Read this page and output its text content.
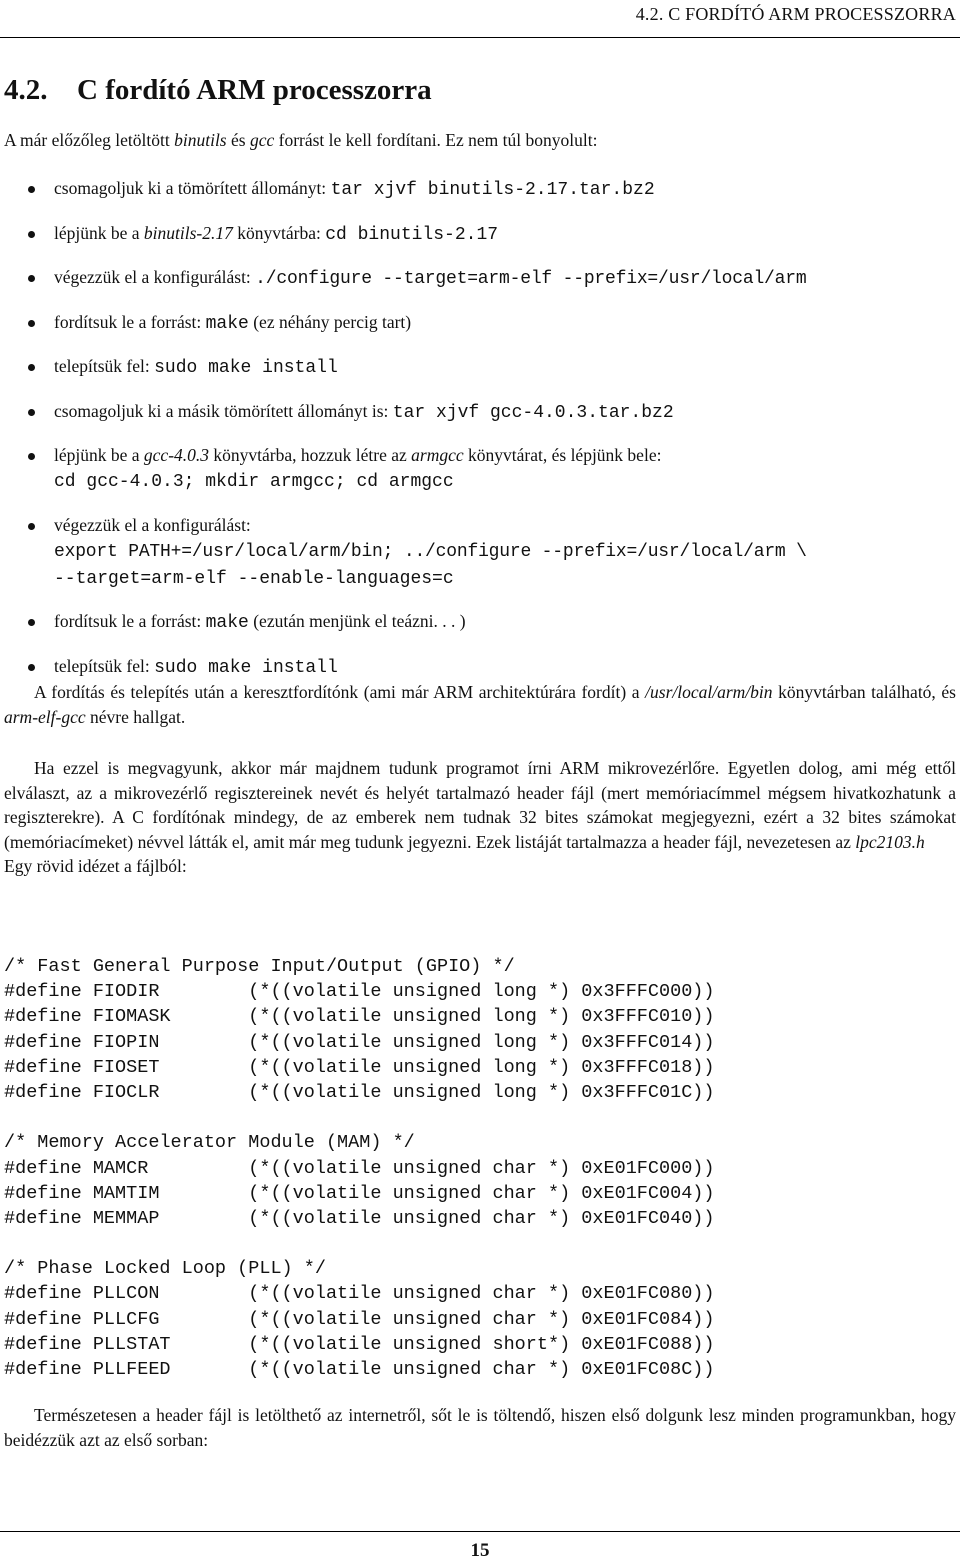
4.2. C FORDÍTÓ ARM PROCESSZORRA
4.2. C fordító ARM processzorra

A már előzőleg letöltött binutils és gcc forrást le kell fordítani. Ez nem túl bonyolult:

csomagoljuk ki a tömörített állományt: tar xjvf binutils-2.17.tar.bz2
lépjünk be a binutils-2.17 könyvtárba: cd binutils-2.17
végezzük el a konfigurálást: ./configure --target=arm-elf --prefix=/usr/local/arm
fordítsuk le a forrást: make (ez néhány percig tart)
telepítsük fel: sudo make install
csomagoljuk ki a másik tömörített állományt is: tar xjvf gcc-4.0.3.tar.bz2
lépjünk be a gcc-4.0.3 könyvtárba, hozzuk létre az armgcc könyvtárat, és lépjünk bele:
cd gcc-4.0.3; mkdir armgcc; cd armgcc
végezzük el a konfigurálást:
export PATH+=/usr/local/arm/bin; ../configure --prefix=/usr/local/arm \
--target=arm-elf --enable-languages=c
fordítsuk le a forrást: make (ezután menjünk el teázni. . . )
telepítsük fel: sudo make install

A fordítás és telepítés után a keresztfordítónk (ami már ARM architektúrára fordít) a /usr/local/arm/bin könyvtárban található, és arm-elf-gcc névre hallgat.

Ha ezzel is megvagyunk, akkor már majdnem tudunk programot írni ARM mikrovezérlőre. Egyetlen dolog, ami még ettől elválaszt, az a mikrovezérlő regisztereinek nevét és helyét tartalmazó header fájl (mert memóriacímmel mégsem hivatkozhatunk a regiszterekre). A C fordítónak mindegy, de az emberek nem tudnak 32 bites számokat megjegyezni, ezért a 32 bites számokat (memóriacímeket) névvel látták el, amit már meg tudunk jegyezni. Ezek listáját tartalmazza a header fájl, nevezetesen az lpc2103.h
Egy rövid idézet a fájlból:

/* Fast General Purpose Input/Output (GPIO) */
#define FIODIR        (*((volatile unsigned long *) 0x3FFFC000))
#define FIOMASK       (*((volatile unsigned long *) 0x3FFFC010))
#define FIOPIN        (*((volatile unsigned long *) 0x3FFFC014))
#define FIOSET        (*((volatile unsigned long *) 0x3FFFC018))
#define FIOCLR        (*((volatile unsigned long *) 0x3FFFC01C))
/* Memory Accelerator Module (MAM) */
#define MAMCR         (*((volatile unsigned char *) 0xE01FC000))
#define MAMTIM        (*((volatile unsigned char *) 0xE01FC004))
#define MEMMAP        (*((volatile unsigned char *) 0xE01FC040))
/* Phase Locked Loop (PLL) */
#define PLLCON        (*((volatile unsigned char *) 0xE01FC080))
#define PLLCFG        (*((volatile unsigned char *) 0xE01FC084))
#define PLLSTAT       (*((volatile unsigned short*) 0xE01FC088))
#define PLLFEED       (*((volatile unsigned char *) 0xE01FC08C))

Természetesen a header fájl is letölthető az internetről, sőt le is töltendő, hiszen első dolgunk lesz minden programunkban, hogy beidézzük azt az első sorban:

15
